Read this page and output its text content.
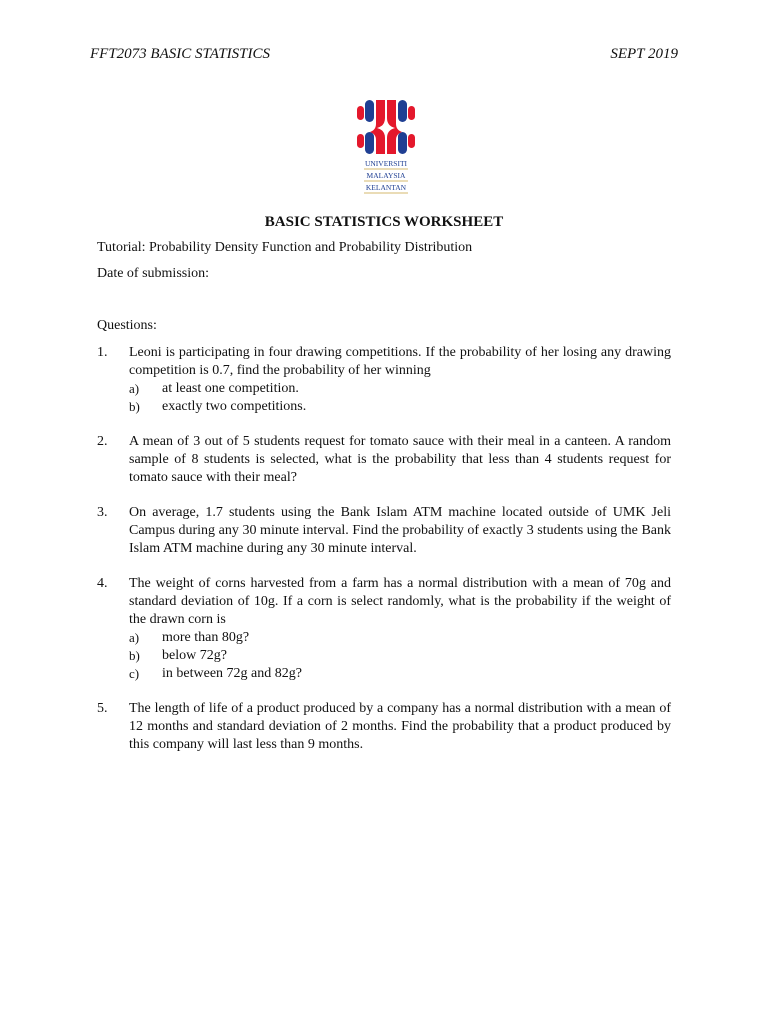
FFT2073 BASIC STATISTICS	SEPT 2019
UNIVERSITI
MALAYSIA
KELANTAN
BASIC STATISTICS WORKSHEET
Tutorial: Probability Density Function and Probability Distribution
Date of submission:
Questions:
1. Leoni is participating in four drawing competitions. If the probability of her losing any drawing competition is 0.7, find the probability of her winning
a) at least one competition.
b) exactly two competitions.
2. A mean of 3 out of 5 students request for tomato sauce with their meal in a canteen. A random sample of 8 students is selected, what is the probability that less than 4 students request for tomato sauce with their meal?
3. On average, 1.7 students using the Bank Islam ATM machine located outside of UMK Jeli Campus during any 30 minute interval. Find the probability of exactly 3 students using the Bank Islam ATM machine during any 30 minute interval.
4. The weight of corns harvested from a farm has a normal distribution with a mean of 70g and standard deviation of 10g. If a corn is select randomly, what is the probability if the weight of the drawn corn is
a) more than 80g?
b) below 72g?
c) in between 72g and 82g?
5. The length of life of a product produced by a company has a normal distribution with a mean of 12 months and standard deviation of 2 months. Find the probability that a product produced by this company will last less than 9 months.
